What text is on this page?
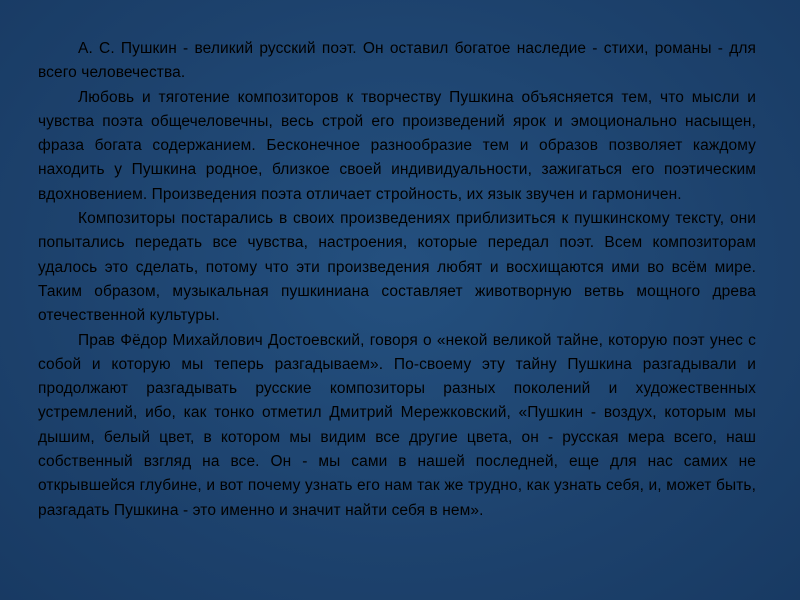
А. С. Пушкин - великий русский поэт. Он оставил богатое наследие - стихи, романы - для всего человечества.

Любовь и тяготение композиторов к творчеству Пушкина объясняется тем, что мысли и чувства поэта общечеловечны, весь строй его произведений ярок и эмоционально насыщен, фраза богата содержанием. Бесконечное разнообразие тем и образов позволяет каждому находить у Пушкина родное, близкое своей индивидуальности, зажигаться его поэтическим вдохновением. Произведения поэта отличает стройность, их язык звучен и гармоничен.

Композиторы постарались в своих произведениях приблизиться к пушкинскому тексту, они попытались передать все чувства, настроения, которые передал поэт. Всем композиторам удалось это сделать, потому что эти произведения любят и восхищаются ими во всём мире. Таким образом, музыкальная пушкиниана составляет животворную ветвь мощного древа отечественной культуры.

Прав Фёдор Михайлович Достоевский, говоря о «некой великой тайне, которую поэт унес с собой и которую мы теперь разгадываем». По-своему эту тайну Пушкина разгадывали и продолжают разгадывать русские композиторы разных поколений и художественных устремлений, ибо, как тонко отметил Дмитрий Мережковский, «Пушкин - воздух, которым мы дышим, белый цвет, в котором мы видим все другие цвета, он - русская мера всего, наш собственный взгляд на все. Он - мы сами в нашей последней, еще для нас самих не открывшейся глубине, и вот почему узнать его нам так же трудно, как узнать себя, и, может быть, разгадать Пушкина - это именно и значит найти себя в нем».
